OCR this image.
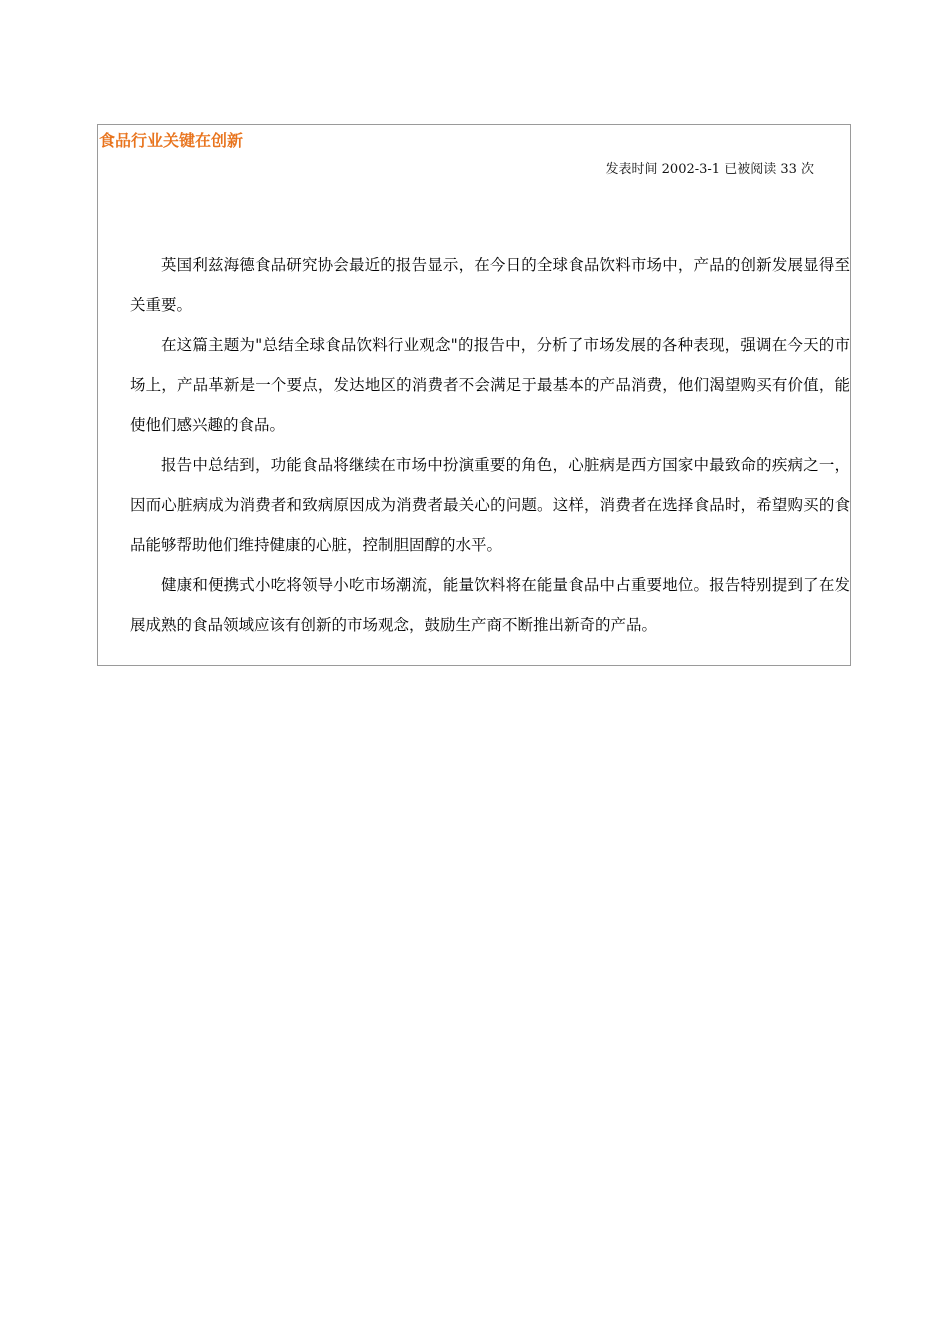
食品行业关键在创新
发表时间 2002-3-1 已被阅读 33 次

英国利兹海德食品研究协会最近的报告显示，在今日的全球食品饮料市场中，产品的创新发展显得至关重要。

在这篇主题为"总结全球食品饮料行业观念"的报告中，分析了市场发展的各种表现，强调在今天的市场上，产品革新是一个要点，发达地区的消费者不会满足于最基本的产品消费，他们渴望购买有价值，能使他们感兴趣的食品。

报告中总结到，功能食品将继续在市场中扮演重要的角色，心脏病是西方国家中最致命的疾病之一，因而心脏病成为消费者和致病原因成为消费者最关心的问题。这样，消费者在选择食品时，希望购买的食品能够帮助他们维持健康的心脏，控制胆固醇的水平。

健康和便携式小吃将领导小吃市场潮流，能量饮料将在能量食品中占重要地位。报告特别提到了在发展成熟的食品领域应该有创新的市场观念，鼓励生产商不断推出新奇的产品。
